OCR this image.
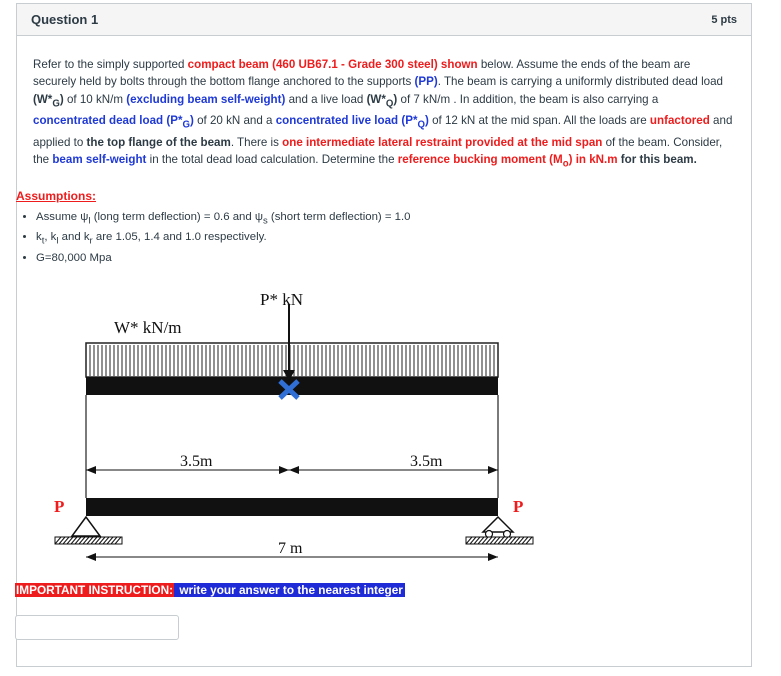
Question 1	5 pts
Refer to the simply supported compact beam (460 UB67.1 - Grade 300 steel) shown below. Assume the ends of the beam are securely held by bolts through the bottom flange anchored to the supports (PP). The beam is carrying a uniformly distributed dead load $(W*_G)$ of 10 kN/m (excluding beam self-weight) and a live load $(W*_Q)$ of 7 kN/m . In addition, the beam is also carrying a concentrated dead load $(P*_G)$ of 20 kN and a concentrated live load $(P*_Q)$ of 12 kN at the mid span. All the loads are unfactored and applied to the top flange of the beam. There is one intermediate lateral restraint provided at the mid span of the beam. Consider, the beam self-weight in the total dead load calculation. Determine the reference bucking moment $(M_o)$ in kN.m for this beam.
Assumptions:
• Assume $\psi_l$ (long term deflection) = 0.6 and $\psi_s$ (short term deflection) = 1.0
• $k_t$, $k_l$ and $k_r$ are 1.05, 1.4 and 1.0 respectively.
• G=80,000 Mpa
P* kN
W* kN/m
3.5m	3.5m
P	P
7 m
IMPORTANT INSTRUCTION: write your answer to the nearest integer
